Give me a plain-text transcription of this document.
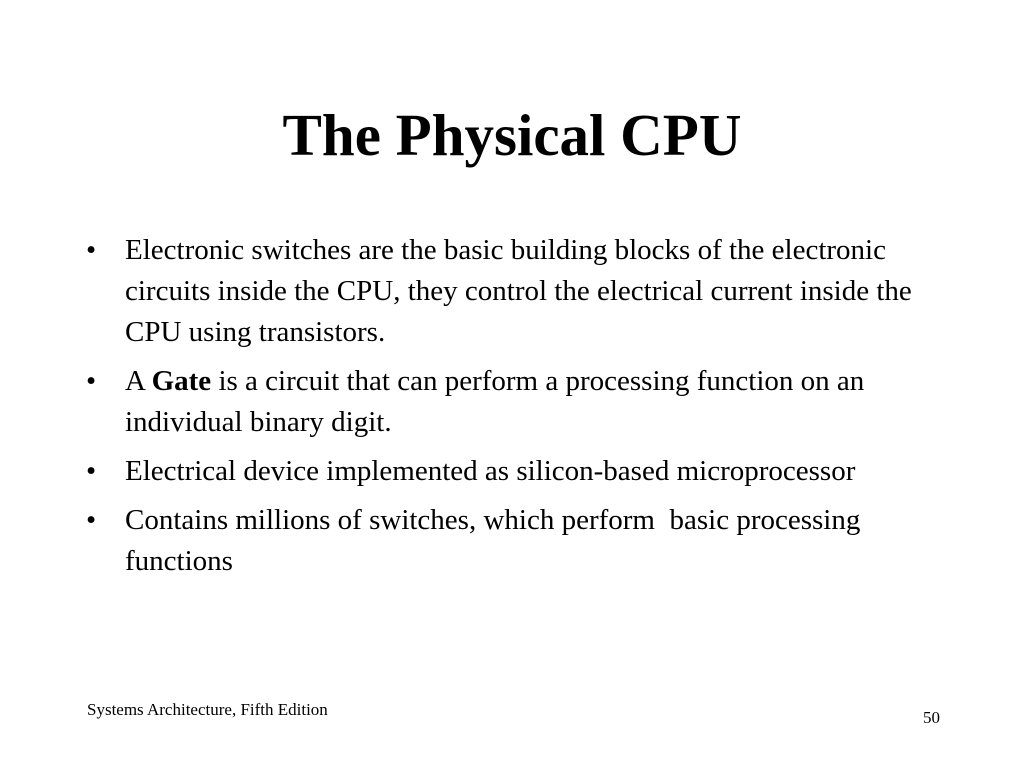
The Physical CPU
• Electronic switches are the basic building blocks of the electronic circuits inside the CPU, they control the electrical current inside the CPU using transistors.
• A Gate is a circuit that can perform a processing function on an individual binary digit.
• Electrical device implemented as silicon-based microprocessor
• Contains millions of switches, which perform  basic processing functions
Systems Architecture, Fifth Edition	50
